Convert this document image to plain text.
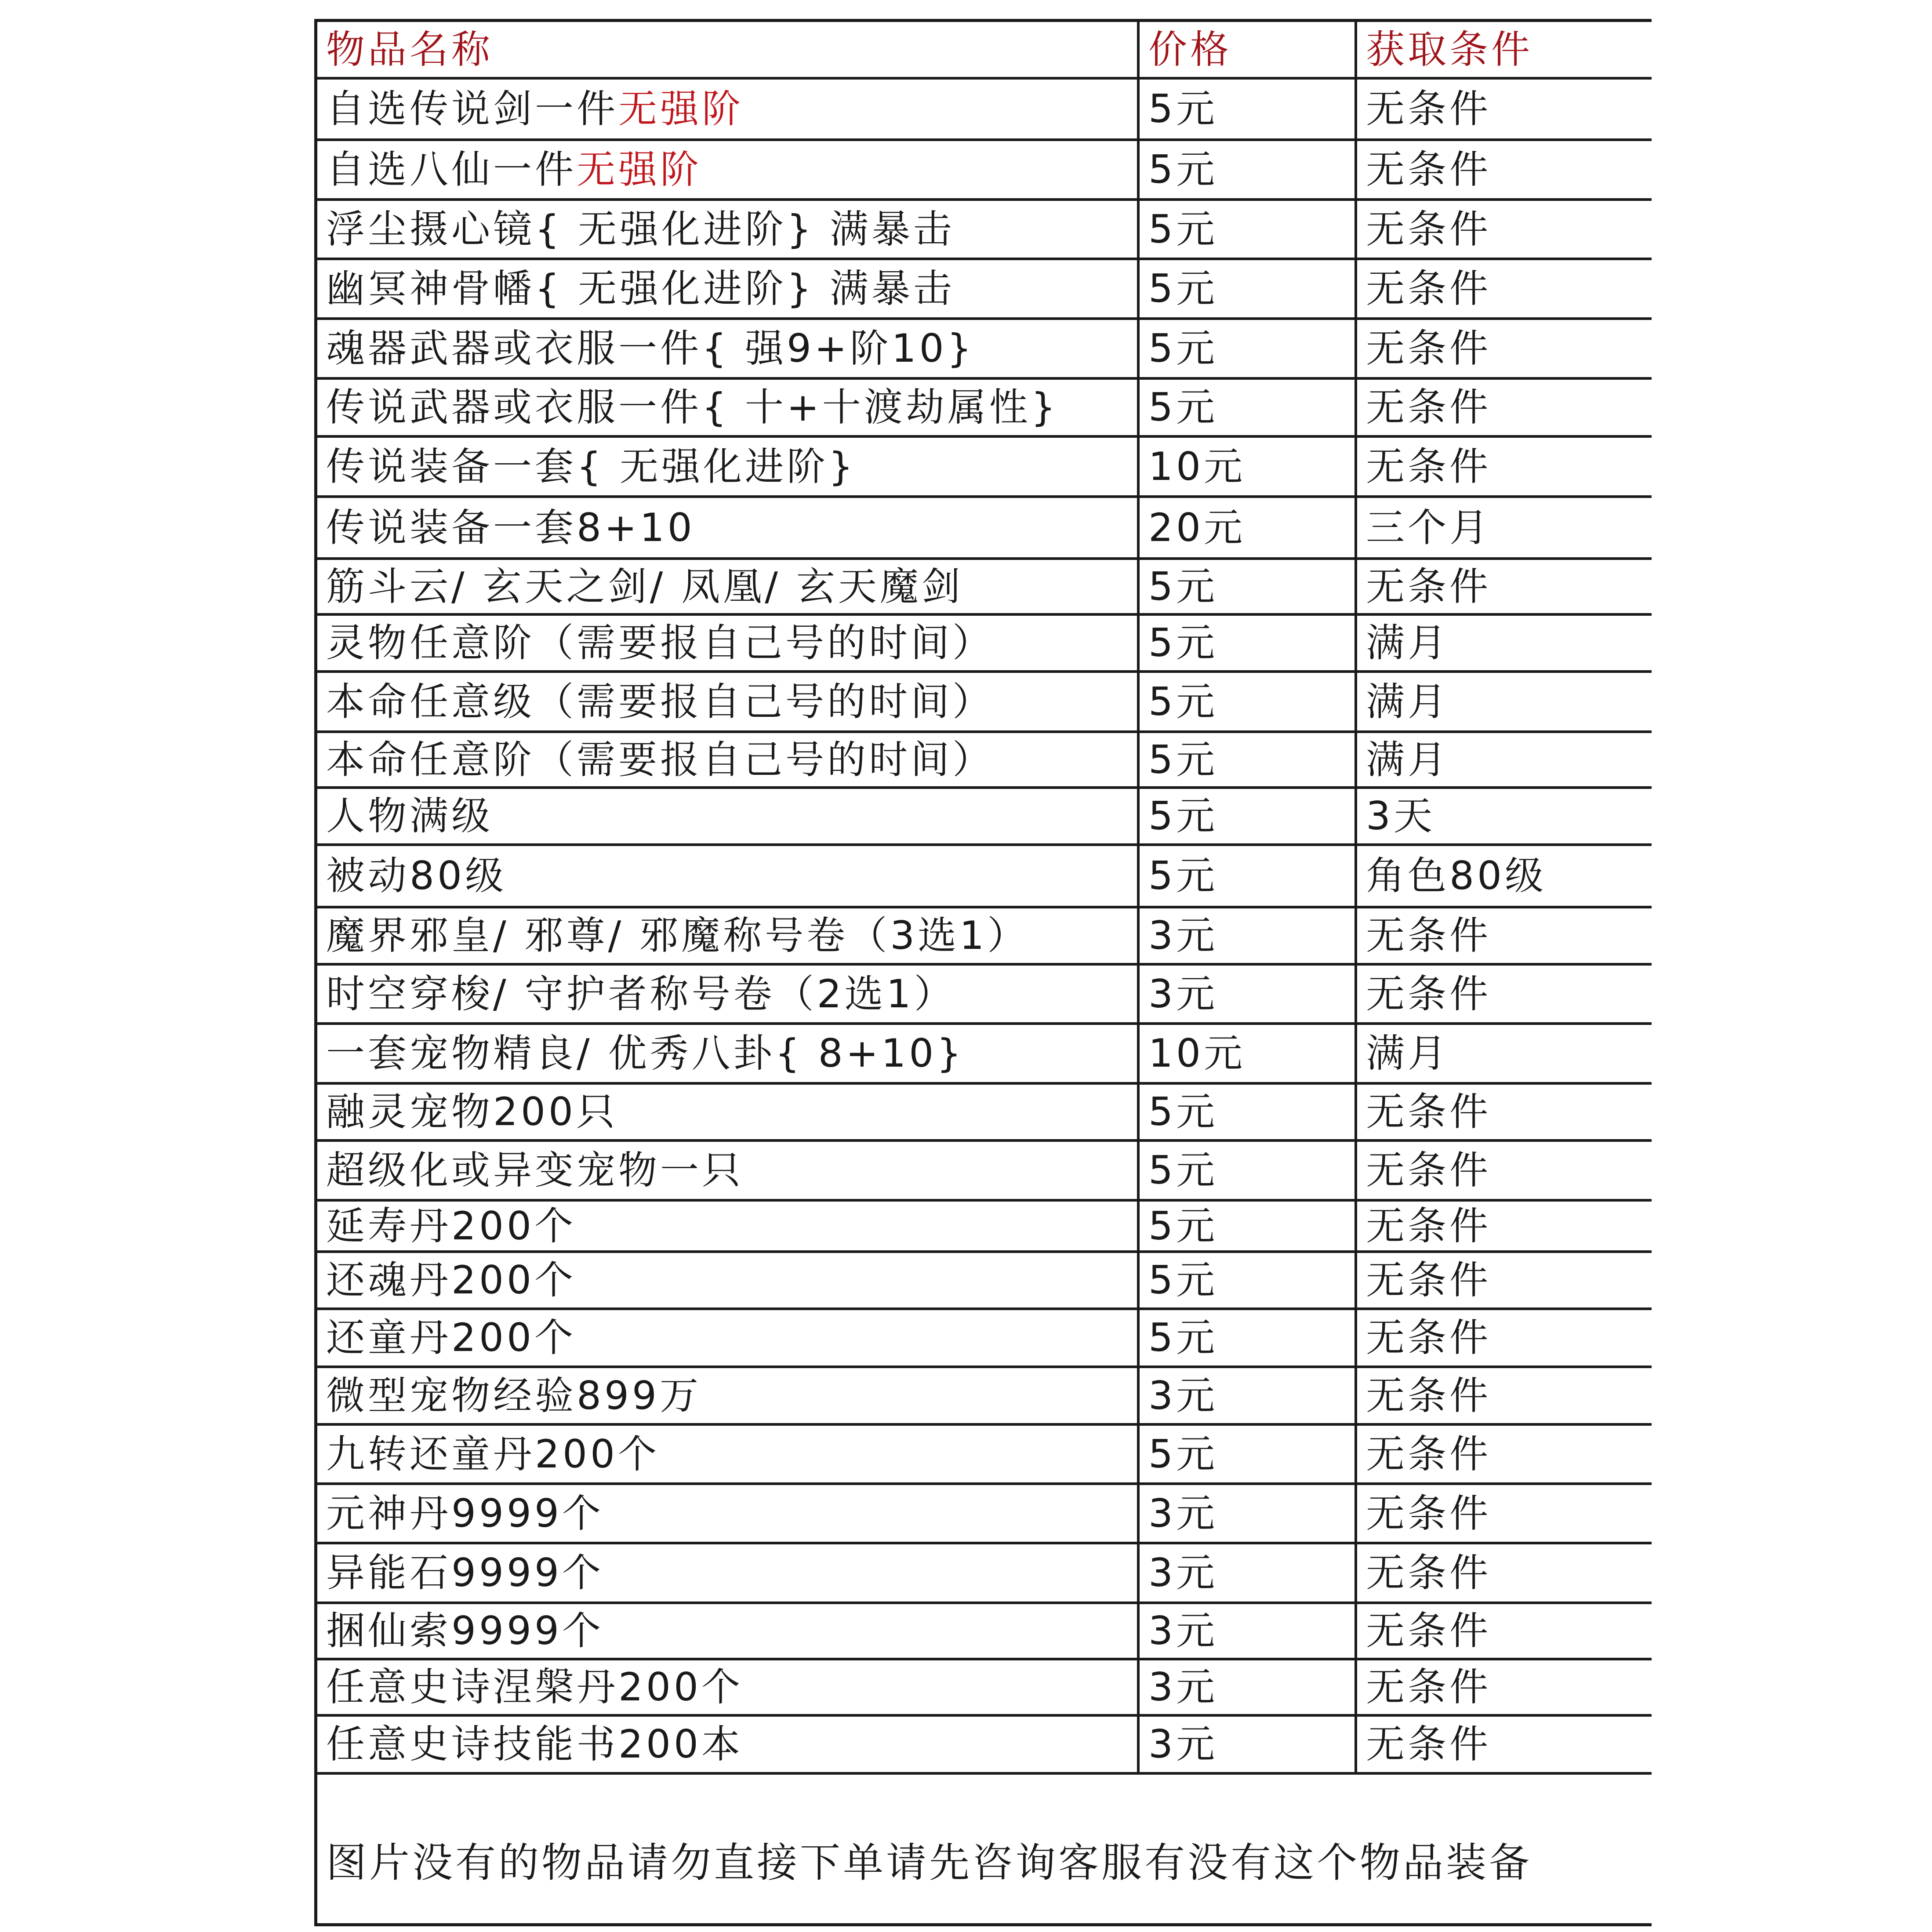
物品名称	价格	获取条件
自选传说剑一件无强阶	5元	无条件
自选八仙一件无强阶	5元	无条件
浮尘摄心镜{ 无强化进阶} 满暴击	5元	无条件
幽冥神骨幡{ 无强化进阶} 满暴击	5元	无条件
魂器武器或衣服一件{ 强9+阶10}	5元	无条件
传说武器或衣服一件{ 十+十渡劫属性}	5元	无条件
传说装备一套{ 无强化进阶}	10元	无条件
传说装备一套8+10	20元	三个月
筋斗云/ 玄天之剑/ 凤凰/ 玄天魔剑	5元	无条件
灵物任意阶（需要报自己号的时间）	5元	满月
本命任意级（需要报自己号的时间）	5元	满月
本命任意阶（需要报自己号的时间）	5元	满月
人物满级	5元	3天
被动80级	5元	角色80级
魔界邪皇/ 邪尊/ 邪魔称号卷（3选1）	3元	无条件
时空穿梭/ 守护者称号卷（2选1）	3元	无条件
一套宠物精良/ 优秀八卦{ 8+10}	10元	满月
融灵宠物200只	5元	无条件
超级化或异变宠物一只	5元	无条件
延寿丹200个	5元	无条件
还魂丹200个	5元	无条件
还童丹200个	5元	无条件
微型宠物经验899万	3元	无条件
九转还童丹200个	5元	无条件
元神丹9999个	3元	无条件
异能石9999个	3元	无条件
捆仙索9999个	3元	无条件
任意史诗涅槃丹200个	3元	无条件
任意史诗技能书200本	3元	无条件
图片没有的物品请勿直接下单请先咨询客服有没有这个物品装备
